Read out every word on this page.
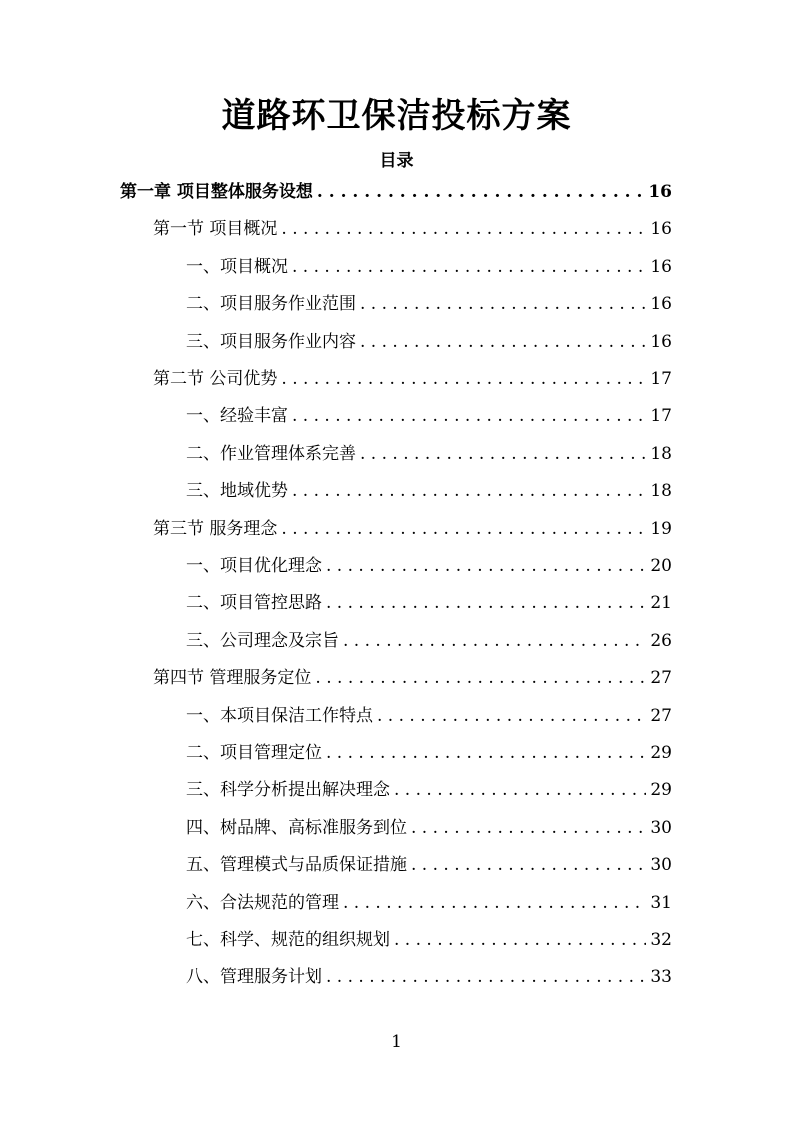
道路环卫保洁投标方案
目录
第一章 项目整体服务设想 . . .	16
第一节 项目概况 . . .	16
一、项目概况 . . .	16
二、项目服务作业范围 . . .	16
三、项目服务作业内容 . . .	16
第二节 公司优势 . . .	17
一、经验丰富 . . .	17
二、作业管理体系完善 . . .	18
三、地域优势 . . .	18
第三节 服务理念 . . .	19
一、项目优化理念 . . .	20
二、项目管控思路 . . .	21
三、公司理念及宗旨 . . .	26
第四节 管理服务定位 . . .	27
一、本项目保洁工作特点 . . .	27
二、项目管理定位 . . .	29
三、科学分析提出解决理念 . . .	29
四、树品牌、高标准服务到位 . . .	30
五、管理模式与品质保证措施 . . .	30
六、合法规范的管理 . . .	31
七、科学、规范的组织规划 . . .	32
八、管理服务计划 . . .	33
1
